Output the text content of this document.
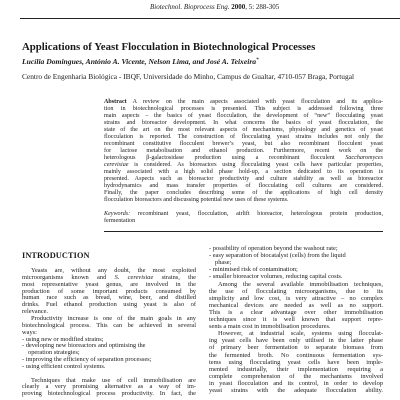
Biotechnol. Bioprocess Eng. 2000, 5: 288-305
Applications of Yeast Flocculation in Biotechnological Processes
Lucília Domingues, António A. Vicente, Nelson Lima, and José A. Teixeira*
Centro de Engenharia Biológica - IBQF, Universidade do Minho, Campus de Gualtar, 4710-057 Braga, Portugal
Abstract A review on the main aspects associated with yeast flocculation and its applica-
tion in biotechnological processes is presented. This subject is addressed following three
main aspects – the basics of yeast flocculation, the development of “new” flocculating yeast
strains and bioreactor development. In what concerns the basics of yeast flocculation, the
state of the art on the most relevant aspects of mechanisms, physiology and genetics of yeast
flocculation is reported. The construction of flocculating yeast strains includes not only the
recombinant constitutive flocculent brewer’s yeast, but also recombinant flocculent yeast
for lactose metabolisation and ethanol production. Furthermore, recent work on the
heterologous β-galactosidase production using a recombinant flocculent Saccharomyces
cerevisiae is considered. As bioreactors using flocculating yeast cells have particular properties,
mainly associated with a high solid phase hold-up, a section dedicated to its operation is
presented. Aspects such as bioreactor productivity and culture stability as well as bioreactor
hydrodynamics and mass transfer properties of flocculating cell cultures are considered.
Finally, the paper concludes describing some of the applications of high cell density
flocculation bioreactors and discussing potential new uses of these systems.
Keywords: recombinant yeast, flocculation, airlift bioreactor, heterologous protein production,
fermentation
INTRODUCTION
Yeasts are, without any doubt, the most exploited
microorganisms known and S. cerevisiae strains, the
most representative yeast genus, are involved in the
production of some important products consumed by
human race such as bread, wine, beer, and distilled
drinks. Fuel ethanol production using yeast is also of
relevance.
Productivity increase is one of the main goals in any
biotechnological process. This can be achieved in several
ways:
- using new or modified strains;
- developing new bioreactors and optimising the
operation strategies;
- improving the efficiency of separation processes;
- using efficient control systems.
Techniques that make use of cell immobilisation are
clearly a very promising alternative as a way of im-
proving biotechnological process productivity. In fact, the
- possibility of operation beyond the washout rate;
- easy separation of biocatalyst (cells) from the liquid
phase;
- minimised risk of contamination;
- smaller bioreactor volumes, reducing capital costs.
Among the several available immobilisation techniques,
the use of flocculating microorganisms, due to its
simplicity and low cost, is very attractive – no complex
mechanical devices are needed as well as no support.
This is a clear advantage over other immobilisation
techniques since it is well known that support repre-
sents a main cost in immobilisation procedures.
However, at industrial scale, systems using flocculat-
ing yeast cells have been only utilised in the latter phase
of primary beer fermentation to separate biomass from
the fermented broth. No continuous fermentation sys-
tems using flocculating yeast cells have been imple-
mented industrially, their implementation requiring a
complete comprehension of the mechanisms involved
in yeast flocculation and its control, in order to develop
yeast strains with the adequate flocculation ability.
